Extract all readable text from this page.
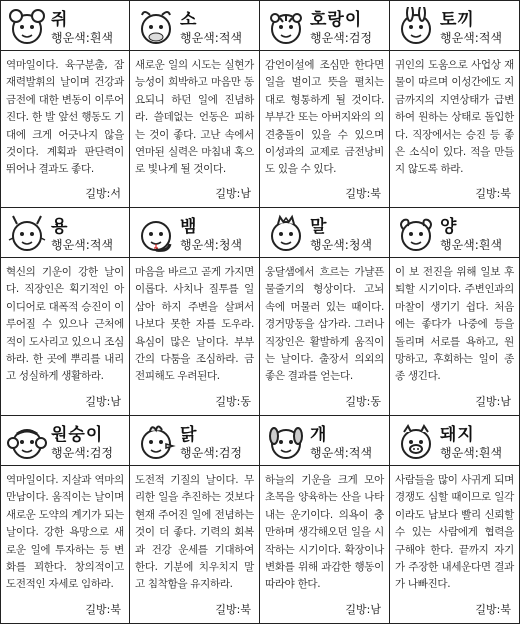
쥐
행운색:흰색
역마일이다. 육구분출, 잠재력발휘의 날이며 건강과 금전에 대한 변동이 이루어진다. 한 발 앞선 행동도 기대에 크게 어긋나지 않을 것이다. 계획과 판단력이 뛰어나 결과도 좋다.
길방:서
소
행운색:적색
새로운 일의 시도는 실현가능성이 희박하고 마음만 동요되니 하던 일에 진념하라. 쓸데없는 언동은 피하는 것이 좋다. 고난 속에서 연마된 실력은 마침내 혹으로 빛나게 될 것이다.
길방:남
호랑이
행운색:검정
감언이설에 조심만 한다면 일을 벌이고 뜻을 펼치는 대로 형통하게 될 것이다. 부부간 또는 아버지와의 의견충돌이 있을 수 있으며 이성과의 교제로 금전낭비도 있을 수 있다.
길방:북
토끼
행운색:적색
귀인의 도움으로 사업상 재물이 따르며 이성간에도 지금까지의 지연상태가 급변하여 원하는 상태로 돌입한다. 직장에서는 승진 등 좋은 소식이 있다. 적을 만들지 않도록 하라.
길방:북
용
행운색:적색
혁신의 기운이 강한 날이다. 직장인은 획기적인 아이디어로 대폭적 승진이 이루어질 수 있으나 근처에 적이 도사리고 있으니 조심하라. 한 곳에 뿌리를 내리고 성실하게 생활하라.
길방:남
뱀
행운색:청색
마음을 바르고 곧게 가지면 이롭다. 사치나 질투를 일삼아 하지 주변을 살펴서 나보다 못한 자를 도우라. 욕심이 많은 날이다. 부부간의 다툼을 조심하라. 금전피해도 우려된다.
길방:동
말
행운색:청색
웅달샘에서 흐르는 가냘픈 물줄기의 형상이다. 고뇌 속에 머물러 있는 때이다. 경거망동을 삼가라. 그러나 직장인은 활발하게 움직이는 날이다. 출장서 의외의 좋은 결과를 얻는다.
길방:동
양
행운색:흰색
이 보 전진을 위해 일보 후퇴할 시기이다. 주변인과의 마찰이 생기기 쉽다. 처음에는 좋다가 나중에 등을 돌리며 서로를 욕하고, 원망하고, 후회하는 일이 종종 생긴다.
길방:남
원숭이
행운색:검정
역마일이다. 지살과 역마의 만남이다. 움직이는 날이며 새로운 도약의 계기가 되는 날이다. 강한 욕망으로 새로운 일에 투자하는 등 변화를 꾀한다. 창의적이고 도전적인 자세로 임하라.
길방:북
닭
행운색:검정
도전적 기질의 날이다. 무리한 일을 추진하는 것보다 현재 주어진 일에 전념하는 것이 더 좋다. 기력의 회복과 건강 운세를 기대하여 한다. 기분에 치우치지 말고 침착함을 유지하라.
길방:북
개
행운색:적색
하늘의 기운을 크게 모아 초목을 양육하는 산을 나타내는 운기이다. 의욕이 충만하며 생각해오던 일을 시작하는 시기이다. 확장이나 변화를 위해 과감한 행동이 따라야 한다.
길방:남
돼지
행운색:흰색
사람들을 많이 사귀게 되며 경쟁도 심할 때이므로 일각이라도 남보다 빨리 신뢰할 수 있는 사람에게 협력을 구해야 한다. 끝까지 자기가 주장한 내세운다면 결과가 나빠진다.
길방:북
